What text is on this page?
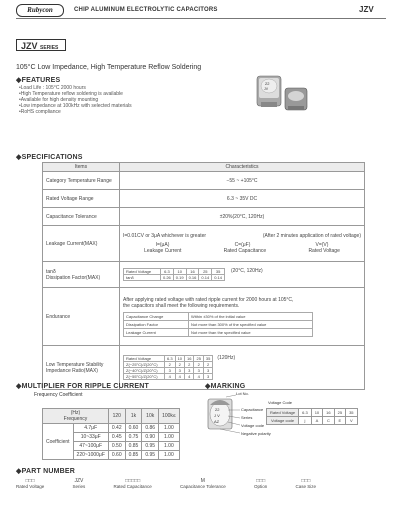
Rubycon	CHIP ALUMINUM ELECTROLYTIC CAPACITORS	JZV
JZV SERIES
105°C Low Impedance, High Temperature Reflow Soldering
◆FEATURES
•Load Life : 105°C 2000 hours
•High Temperature reflow soldering is available
•Available for high density mounting
•Low impedance at 100kHz with selected materials
•RoHS compliance
22
JV
◆SPECIFICATIONS
Items	Characteristics
Category Temperature Range	−55 ~ +105°C
Rated Voltage Range	6.3 ~ 35V DC
Capacitance Tolerance	±20%(20°C, 120Hz)
Leakage Current(MAX)	
I=0.01CV or 3μA whichever is greater	(After 2 minutes application of rated voltage)
I=(μA)	C=(μF)	V=(V)
Leakage Current	Rated Capacitance	Rated Voltage

tanδ
Dissipation Factor(MAX)

Rated Voltage	6.3	10	16	25	35
tanδ	0.26	0.19	0.16	0.14	0.14
(20°C, 120Hz)

Endurance	
After applying rated voltage with rated ripple current for 2000 hours at 105°C,
the capacitors shall meet the following requirements.
Capacitance Change	Within ±30% of the initial value
Dissipation Factor	Not more than 300% of the specified value
Leakage Current	Not more than the specified value

Low Temperature Stability
Impedance Ratio(MAX)

Rated Voltage	6.3	10	16	25	35
Z(−25°C)/Z(20°C)	2	2	2	2	2
Z(−40°C)/Z(20°C)	3	3	3	3	3
Z(−55°C)/Z(20°C)	4	4	4	4	3
(120Hz)
◆MULTIPLIER FOR RIPPLE CURRENT
Frequency Coefficient
(Hz)
Frequency		120	1k	10k	100k≤
Coefficient	4.7μF	0.42	0.60	0.86	1.00
	10~33μF	0.45	0.75	0.90	1.00
	47~100μF	0.50	0.85	0.95	1.00
	220~1000μF	0.60	0.85	0.95	1.00
◆MARKING
22
J V
AZ
Lot No.
Capacitance
Series
Voltage code
Negative polarity
Voltage Code
Rated Voltage	6.3	10	16	25	35
Voltage code	j	A	C	E	V
◆PART NUMBER
□□□
Rated Voltage
JZV
Series
□□□□□
Rated Capacitance
M
Capacitance Tolerance
□□□
Option
□□□
Case Size
